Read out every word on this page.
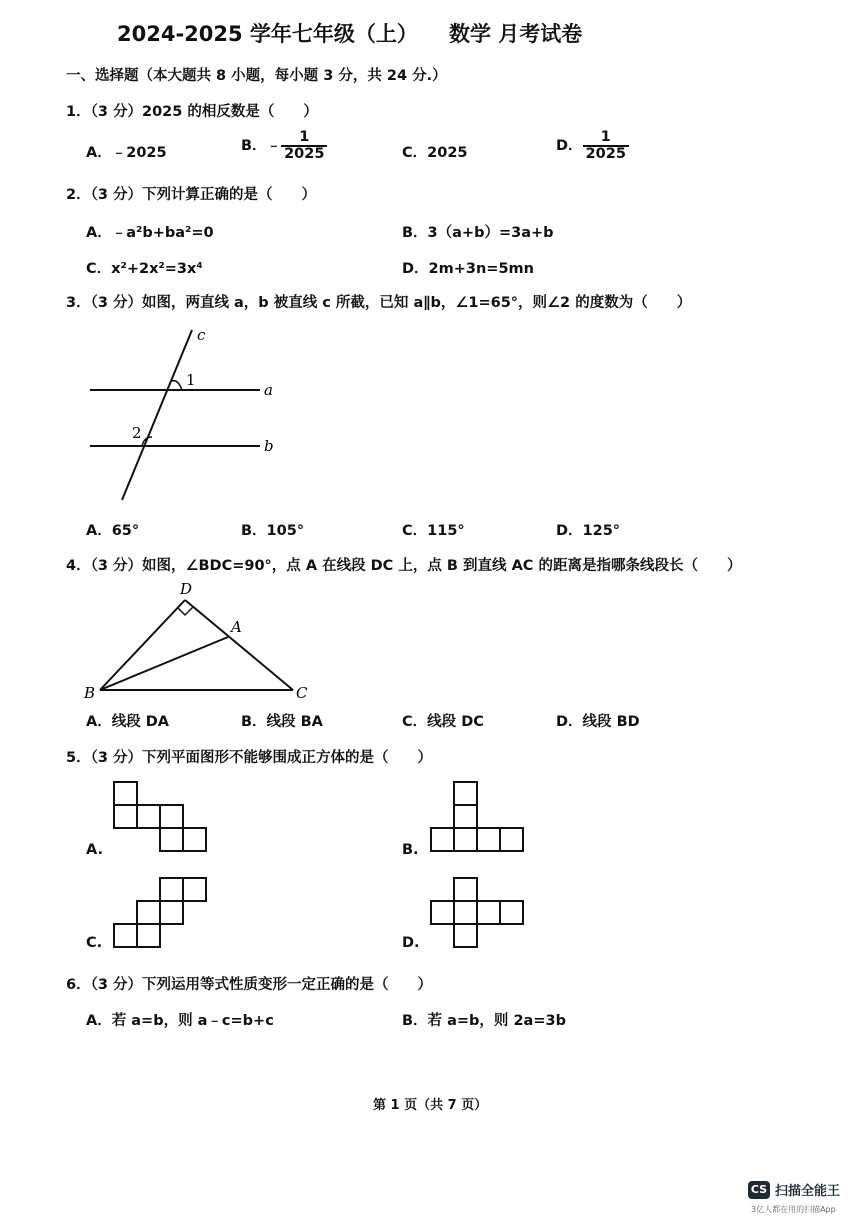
2024-2025 学年七年级（上） 数学 月考试卷
一、选择题（本大题共 8 小题，每小题 3 分，共 24 分.）
1．（3 分）2025 的相反数是（　　）
A．﹣2025	B．﹣ $\frac{1}{2025}$	C．2025	D． $\frac{1}{2025}$
2．（3 分）下列计算正确的是（　　）
A．﹣a²b+ba²=0	B．3（a+b）=3a+b
C．x²+2x²=3x⁴	D．2m+3n=5mn
3．（3 分）如图，两直线 a，b 被直线 c 所截，已知 a∥b，∠1=65°，则∠2 的度数为（　　）
c
a
b
1
2
A．65°	B．105°	C．115°	D．125°
4．（3 分）如图，∠BDC=90°，点 A 在线段 DC 上，点 B 到直线 AC 的距离是指哪条线段长（　　）
D
A
B	C
A．线段 DA	B．线段 BA	C．线段 DC	D．线段 BD
5．（3 分）下列平面图形不能够围成正方体的是（　　）
A.	B.
C.	D.
6．（3 分）下列运用等式性质变形一定正确的是（　　）
A．若 a=b，则 a﹣c=b+c	B．若 a=b，则 2a=3b
第 1 页（共 7 页）
CS 扫描全能王
3亿人都在用的扫描App
